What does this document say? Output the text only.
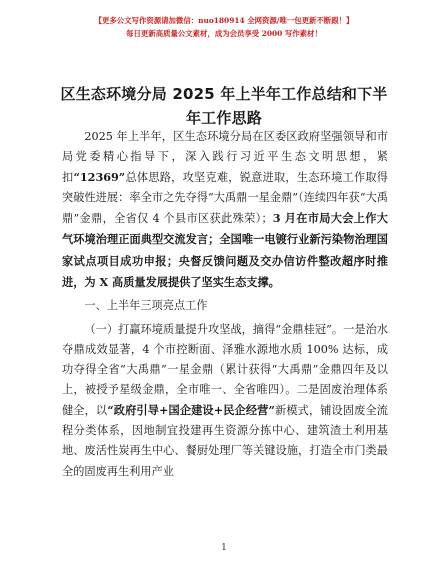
【更多公文写作资源请加微信：nuo180914 全网资源/唯一包更新不断跟！】
每日更新高质量公文素材，成为会员享受 2000 写作素材！
区生态环境分局 2025 年上半年工作总结和下半
年工作思路

2025 年上半年，区生态环境分局在区委区政府坚强领导和市局党委精心指导下，深入践行习近平生态文明思想，紧扣“12369”总体思路，攻坚克难，锐意进取，生态环境工作取得突破性进展：率全市之先夺得“大禹鼎一星金鼎”（连续四年获“大禹鼎”金鼎，全省仅 4 个县市区获此殊荣）；3 月在市局大会上作大气环境治理正面典型交流发言；全国唯一电镀行业新污染物治理国家试点项目成功申报；央督反馈问题及交办信访件整改超序时推进，为 X 高质量发展提供了坚实生态支撑。

一、上半年三项亮点工作

（一）打赢环境质量提升攻坚战，摘得“金鼎桂冠”。一是治水夺鼎成效显著，4 个市控断面、泽雅水源地水质 100% 达标，成功夺得全省“大禹鼎”一星金鼎（累计获得“大禹鼎”金鼎四年及以上，被授予星级金鼎，全市唯一、全省唯四）。二是固废治理体系健全，以“政府引导+国企建设+民企经营”新模式，铺设固废全流程分类体系，因地制宜投建再生资源分拣中心、建筑渣土利用基地、废活性炭再生中心、餐厨处理厂等关键设施，打造全市门类最全的固废再生利用产业

1
